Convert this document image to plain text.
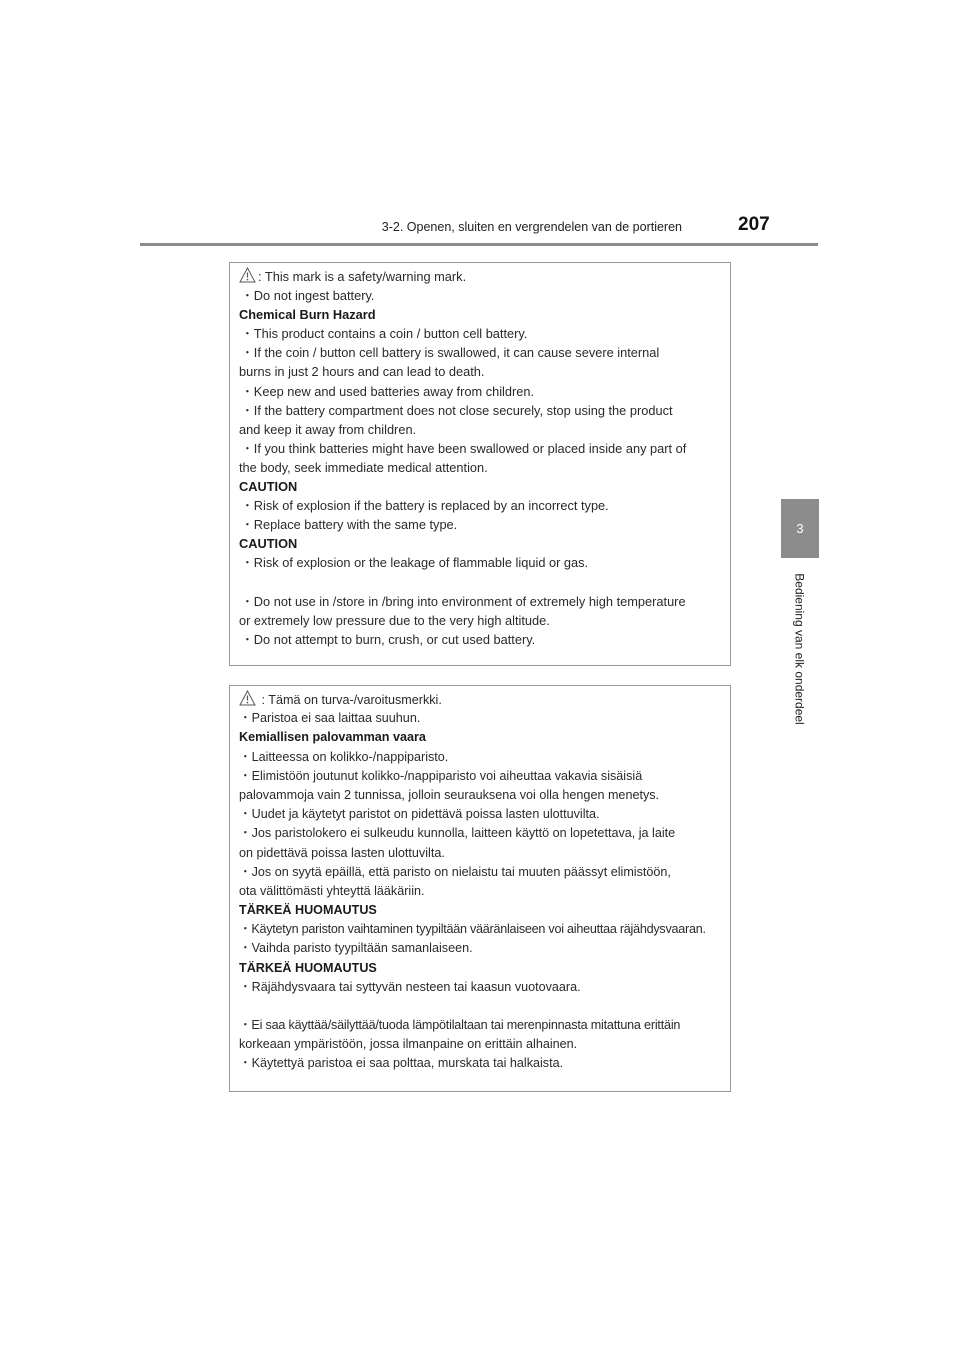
3-2. Openen, sluiten en vergrendelen van de portieren	207
3
Bediening van elk onderdeel
: This mark is a safety/warning mark.
・Do not ingest battery.
Chemical Burn Hazard
・This product contains a coin / button cell battery.
・If the coin / button cell battery is swallowed, it can cause severe internal
burns in just 2 hours and can lead to death.
・Keep new and used batteries away from children.
・If the battery compartment does not close securely, stop using the product
and keep it away from children.
・If you think batteries might have been swallowed or placed inside any part of
the body, seek immediate medical attention.
CAUTION
・Risk of explosion if the battery is replaced by an incorrect type.
・Replace battery with the same type.
CAUTION
・Risk of explosion or the leakage of flammable liquid or gas.
・Do not use in /store in /bring into environment of extremely high temperature
or extremely low pressure due to the very high altitude.
・Do not attempt to burn, crush, or cut used battery.
: Tämä on turva-/varoitusmerkki.
・Paristoa ei saa laittaa suuhun.
Kemiallisen palovamman vaara
・Laitteessa on kolikko-/nappiparisto.
・Elimistöön joutunut kolikko-/nappiparisto voi aiheuttaa vakavia sisäisiä
palovammoja vain 2 tunnissa, jolloin seurauksena voi olla hengen menetys.
・Uudet ja käytetyt paristot on pidettävä poissa lasten ulottuvilta.
・Jos paristolokero ei sulkeudu kunnolla, laitteen käyttö on lopetettava, ja laite
on pidettävä poissa lasten ulottuvilta.
・Jos on syytä epäillä, että paristo on nielaistu tai muuten päässyt elimistöön,
ota välittömästi yhteyttä lääkäriin.
TÄRKEÄ HUOMAUTUS
・Käytetyn pariston vaihtaminen tyypiltään vääränlaiseen voi aiheuttaa räjähdysvaaran.
・Vaihda paristo tyypiltään samanlaiseen.
TÄRKEÄ HUOMAUTUS
・Räjähdysvaara tai syttyvän nesteen tai kaasun vuotovaara.
・Ei saa käyttää/säilyttää/tuoda lämpötilaltaan tai merenpinnasta mitattuna erittäin
korkeaan ympäristöön, jossa ilmanpaine on erittäin alhainen.
・Käytettyä paristoa ei saa polttaa, murskata tai halkaista.
